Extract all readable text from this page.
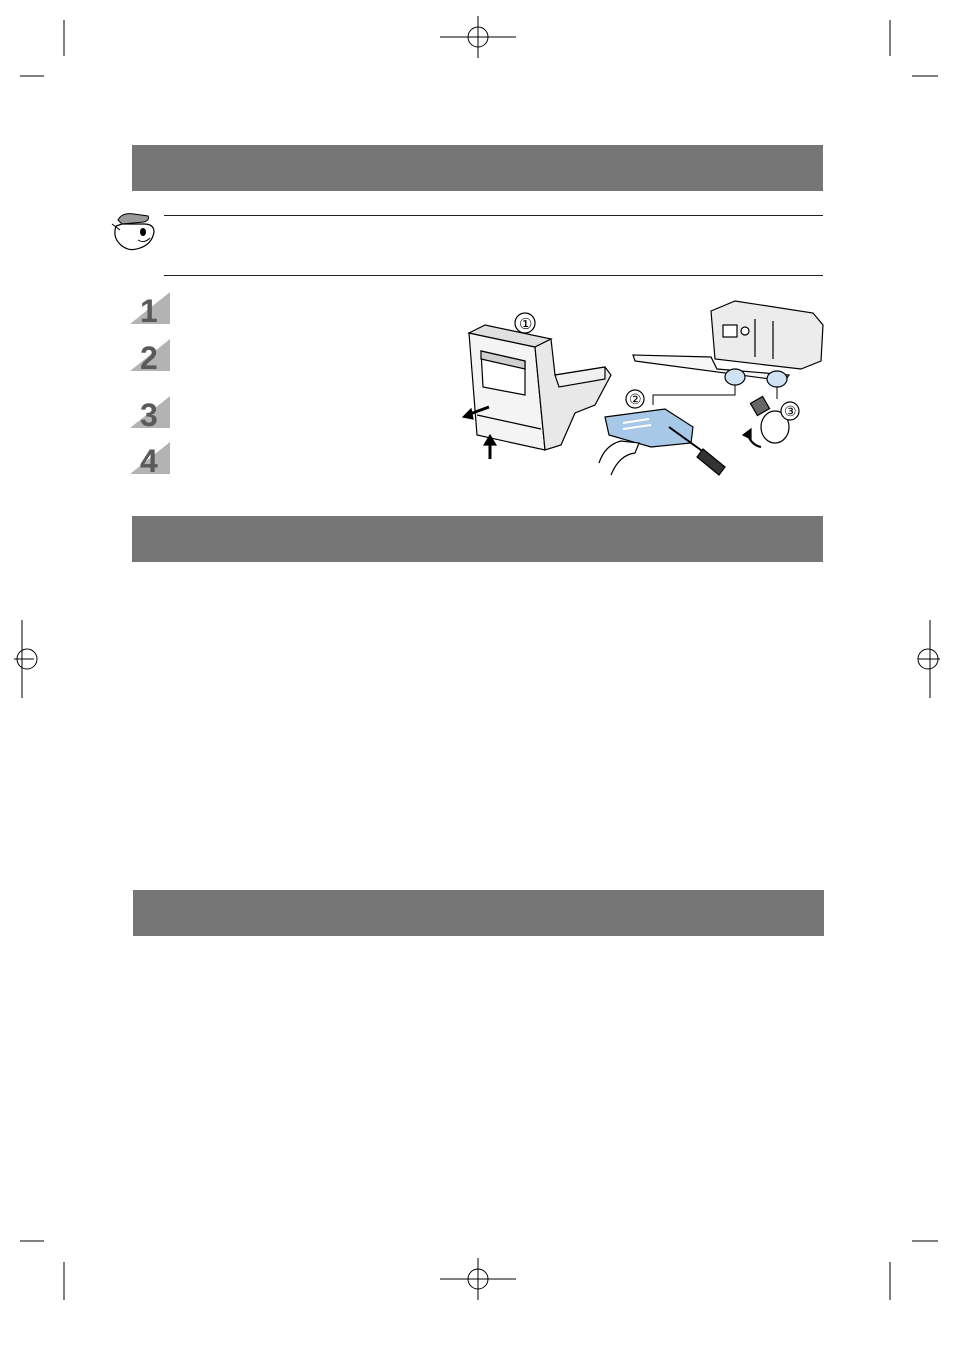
1
2
3
4
①
②
③
